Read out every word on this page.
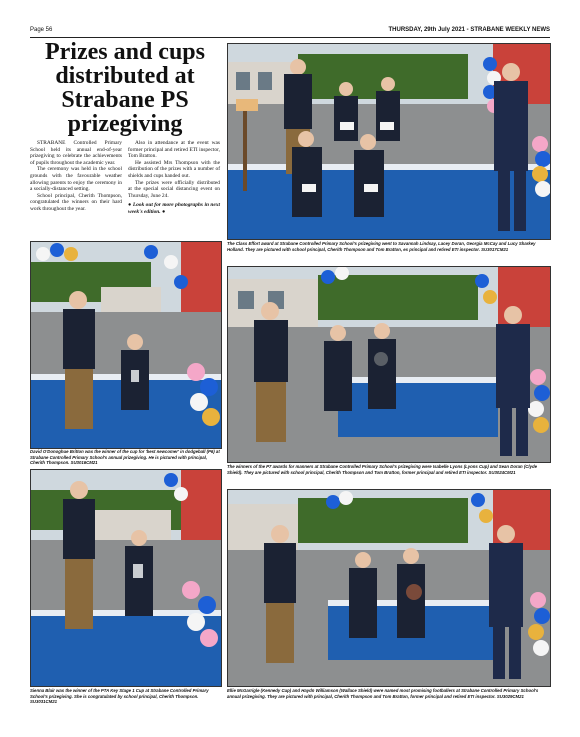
Page 56	THURSDAY, 29th July 2021 - STRABANE WEEKLY NEWS
Prizes and cups distributed at Strabane PS prizegiving

STRABANE Controlled Primary School held its annual end-of-year prizegiving to celebrate the achievements of pupils throughout the academic year.

The ceremony was held in the school grounds with the favourable weather allowing parents to enjoy the ceremony in a socially-distanced setting.

School principal, Cherith Thompson, congratulated the winners on their hard work throughout the year.

Also in attendance at the event was former principal and retired ETI inspector, Tom Bratton.

He assisted Mrs Thompson with the distribution of the prizes with a number of shields and cups handed out.

The prizes were officially distributed at the special social distancing event on Thursday, June 24.

● Look out for more photographs in next week's edition. ●

The Class Effort award at Strabane Controlled Primary School's prizegiving went to Savannah Lindsay, Lacey Doran, Georgia McCay and Lucy Sharkey Holland. They are pictured with school principal, Cherith Thompson and Tom Bratton, ex principal and retired ETI inspector. SU3017CM21
David O'Donoghue Britton was the winner of the cup for 'best newcomer' in dodgeball (P6) at Strabane Controlled Primary School's annual prizegiving. He is pictured with principal, Cherith Thompson. SU3016CM21
The winners of the P7 awards for manners at Strabane Controlled Primary School's prizegiving were Isabelle Lyons (Lyons Cup) and Sean Doran (Clyde Shield). They are pictured with school principal, Cherith Thompson and Tom Bratton, former principal and retired ETI inspector. SU3024CM21
Sienna Blair was the winner of the PTA Key Stage 1 Cup at Strabane Controlled Primary School's prizegiving. She is congratulated by school principal, Cherith Thompson. SU3031CM21
Ellie McGarrigle (Kennedy Cup) and Haydn Williamson (Wallace Shield) were named most promising footballers at Strabane Controlled Primary School's annual prizegiving. They are pictured with principal, Cherith Thompson and Tom Bratton, former principal and retired ETI inspector. SU3029CM21
